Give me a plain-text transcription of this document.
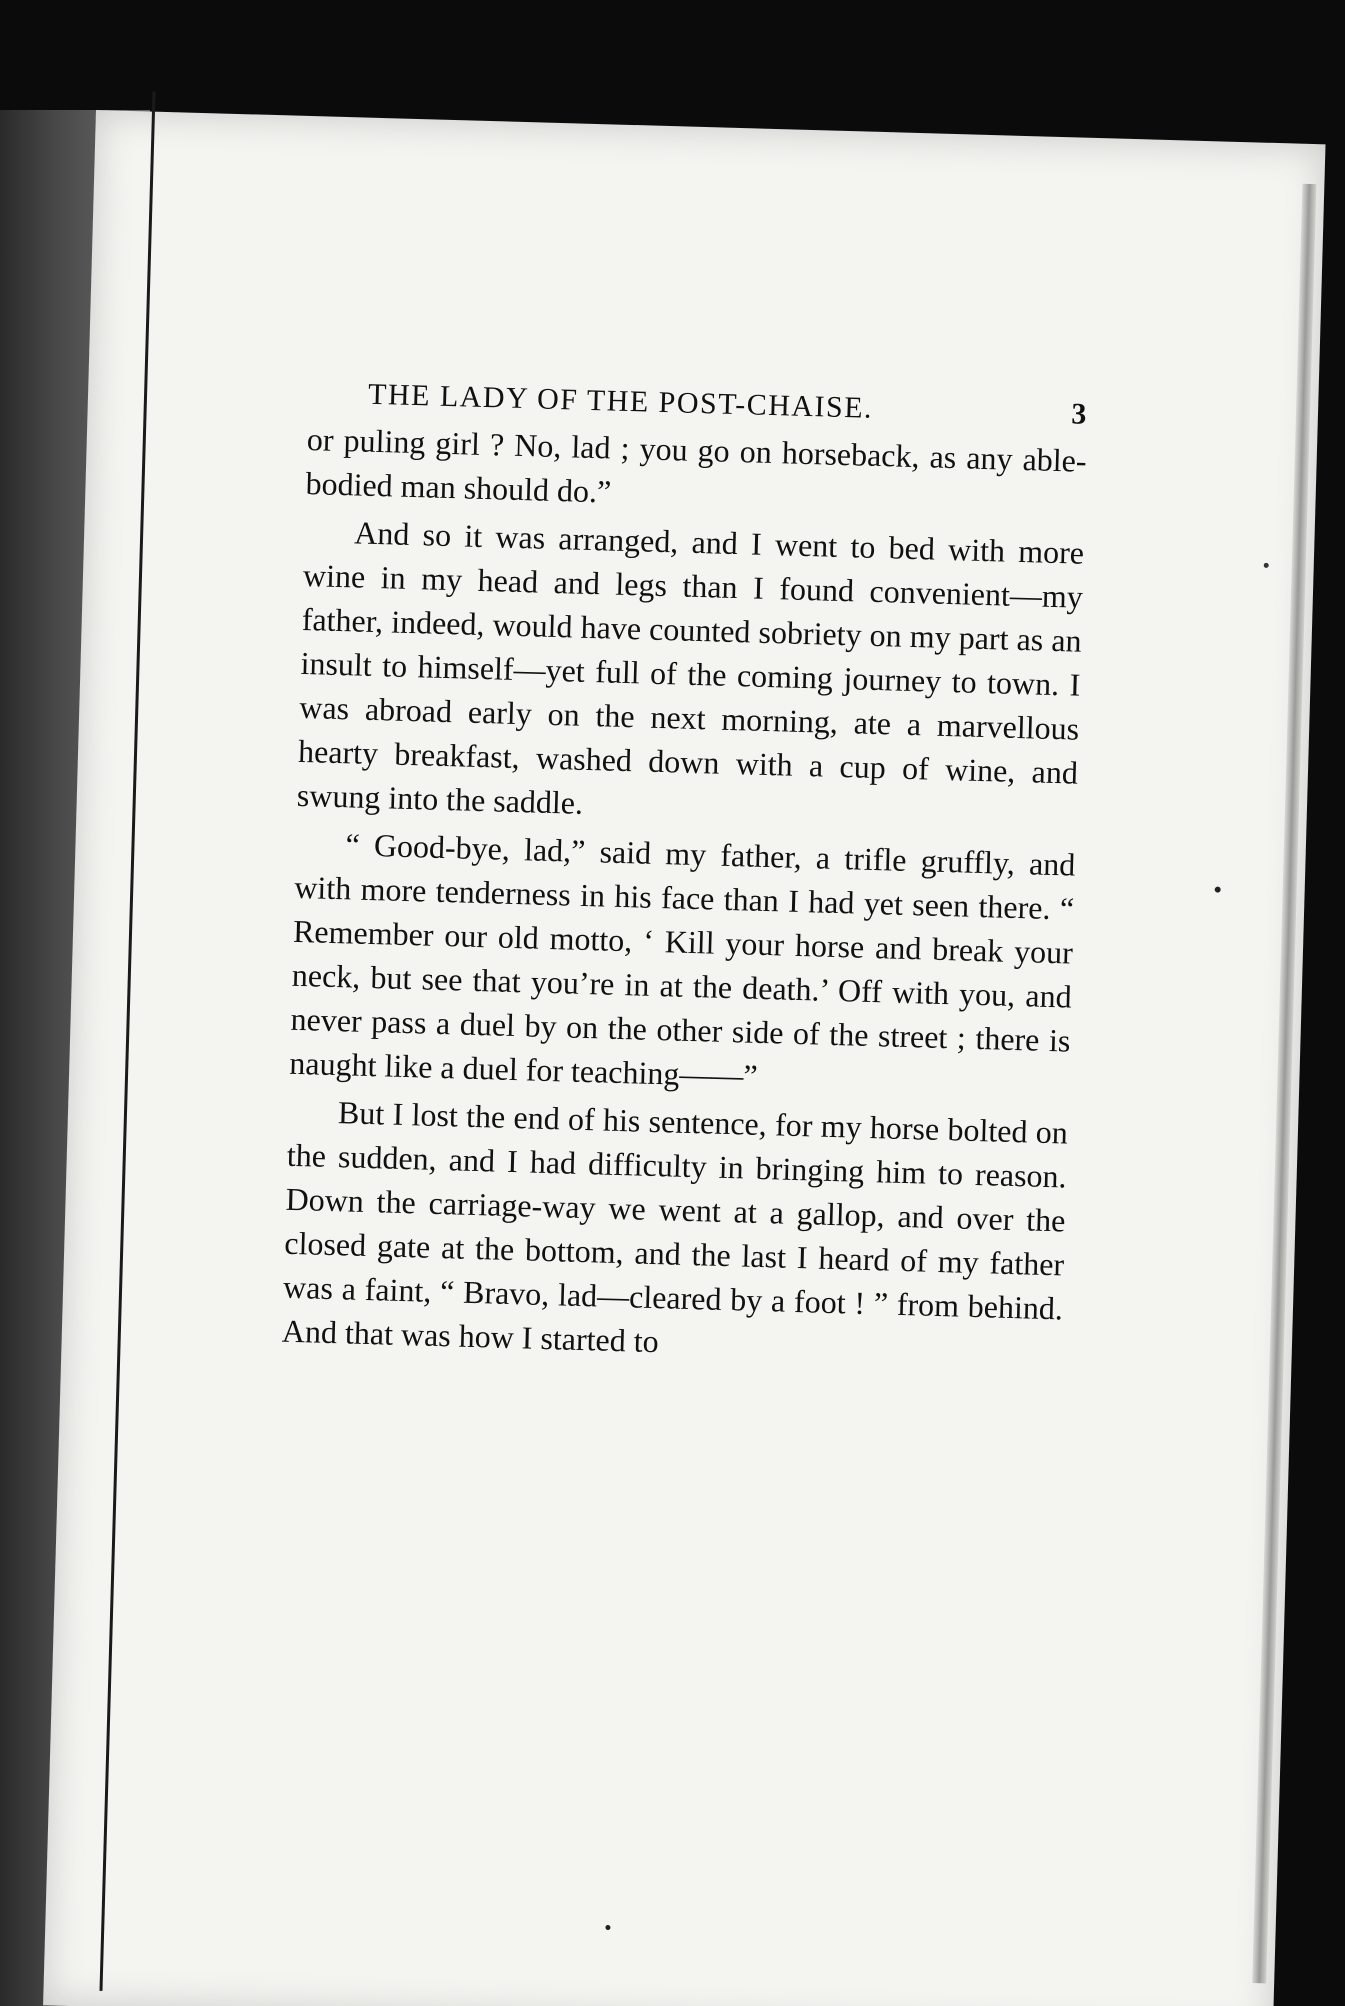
THE LADY OF THE POST-CHAISE.	3

or puling girl ? No, lad ; you go on horseback, as any able-bodied man should do.”

And so it was arranged, and I went to bed with more wine in my head and legs than I found convenient—my father, indeed, would have counted sobriety on my part as an insult to himself—yet full of the coming journey to town. I was abroad early on the next morning, ate a marvellous hearty breakfast, washed down with a cup of wine, and swung into the saddle.

“ Good-bye, lad,” said my father, a trifle gruffly, and with more tenderness in his face than I had yet seen there. “ Remember our old motto, ‘ Kill your horse and break your neck, but see that you’re in at the death.’ Off with you, and never pass a duel by on the other side of the street ; there is naught like a duel for teaching——”

But I lost the end of his sentence, for my horse bolted on the sudden, and I had difficulty in bringing him to reason. Down the carriage-way we went at a gallop, and over the closed gate at the bottom, and the last I heard of my father was a faint, “ Bravo, lad—cleared by a foot ! ” from behind. And that was how I started to
